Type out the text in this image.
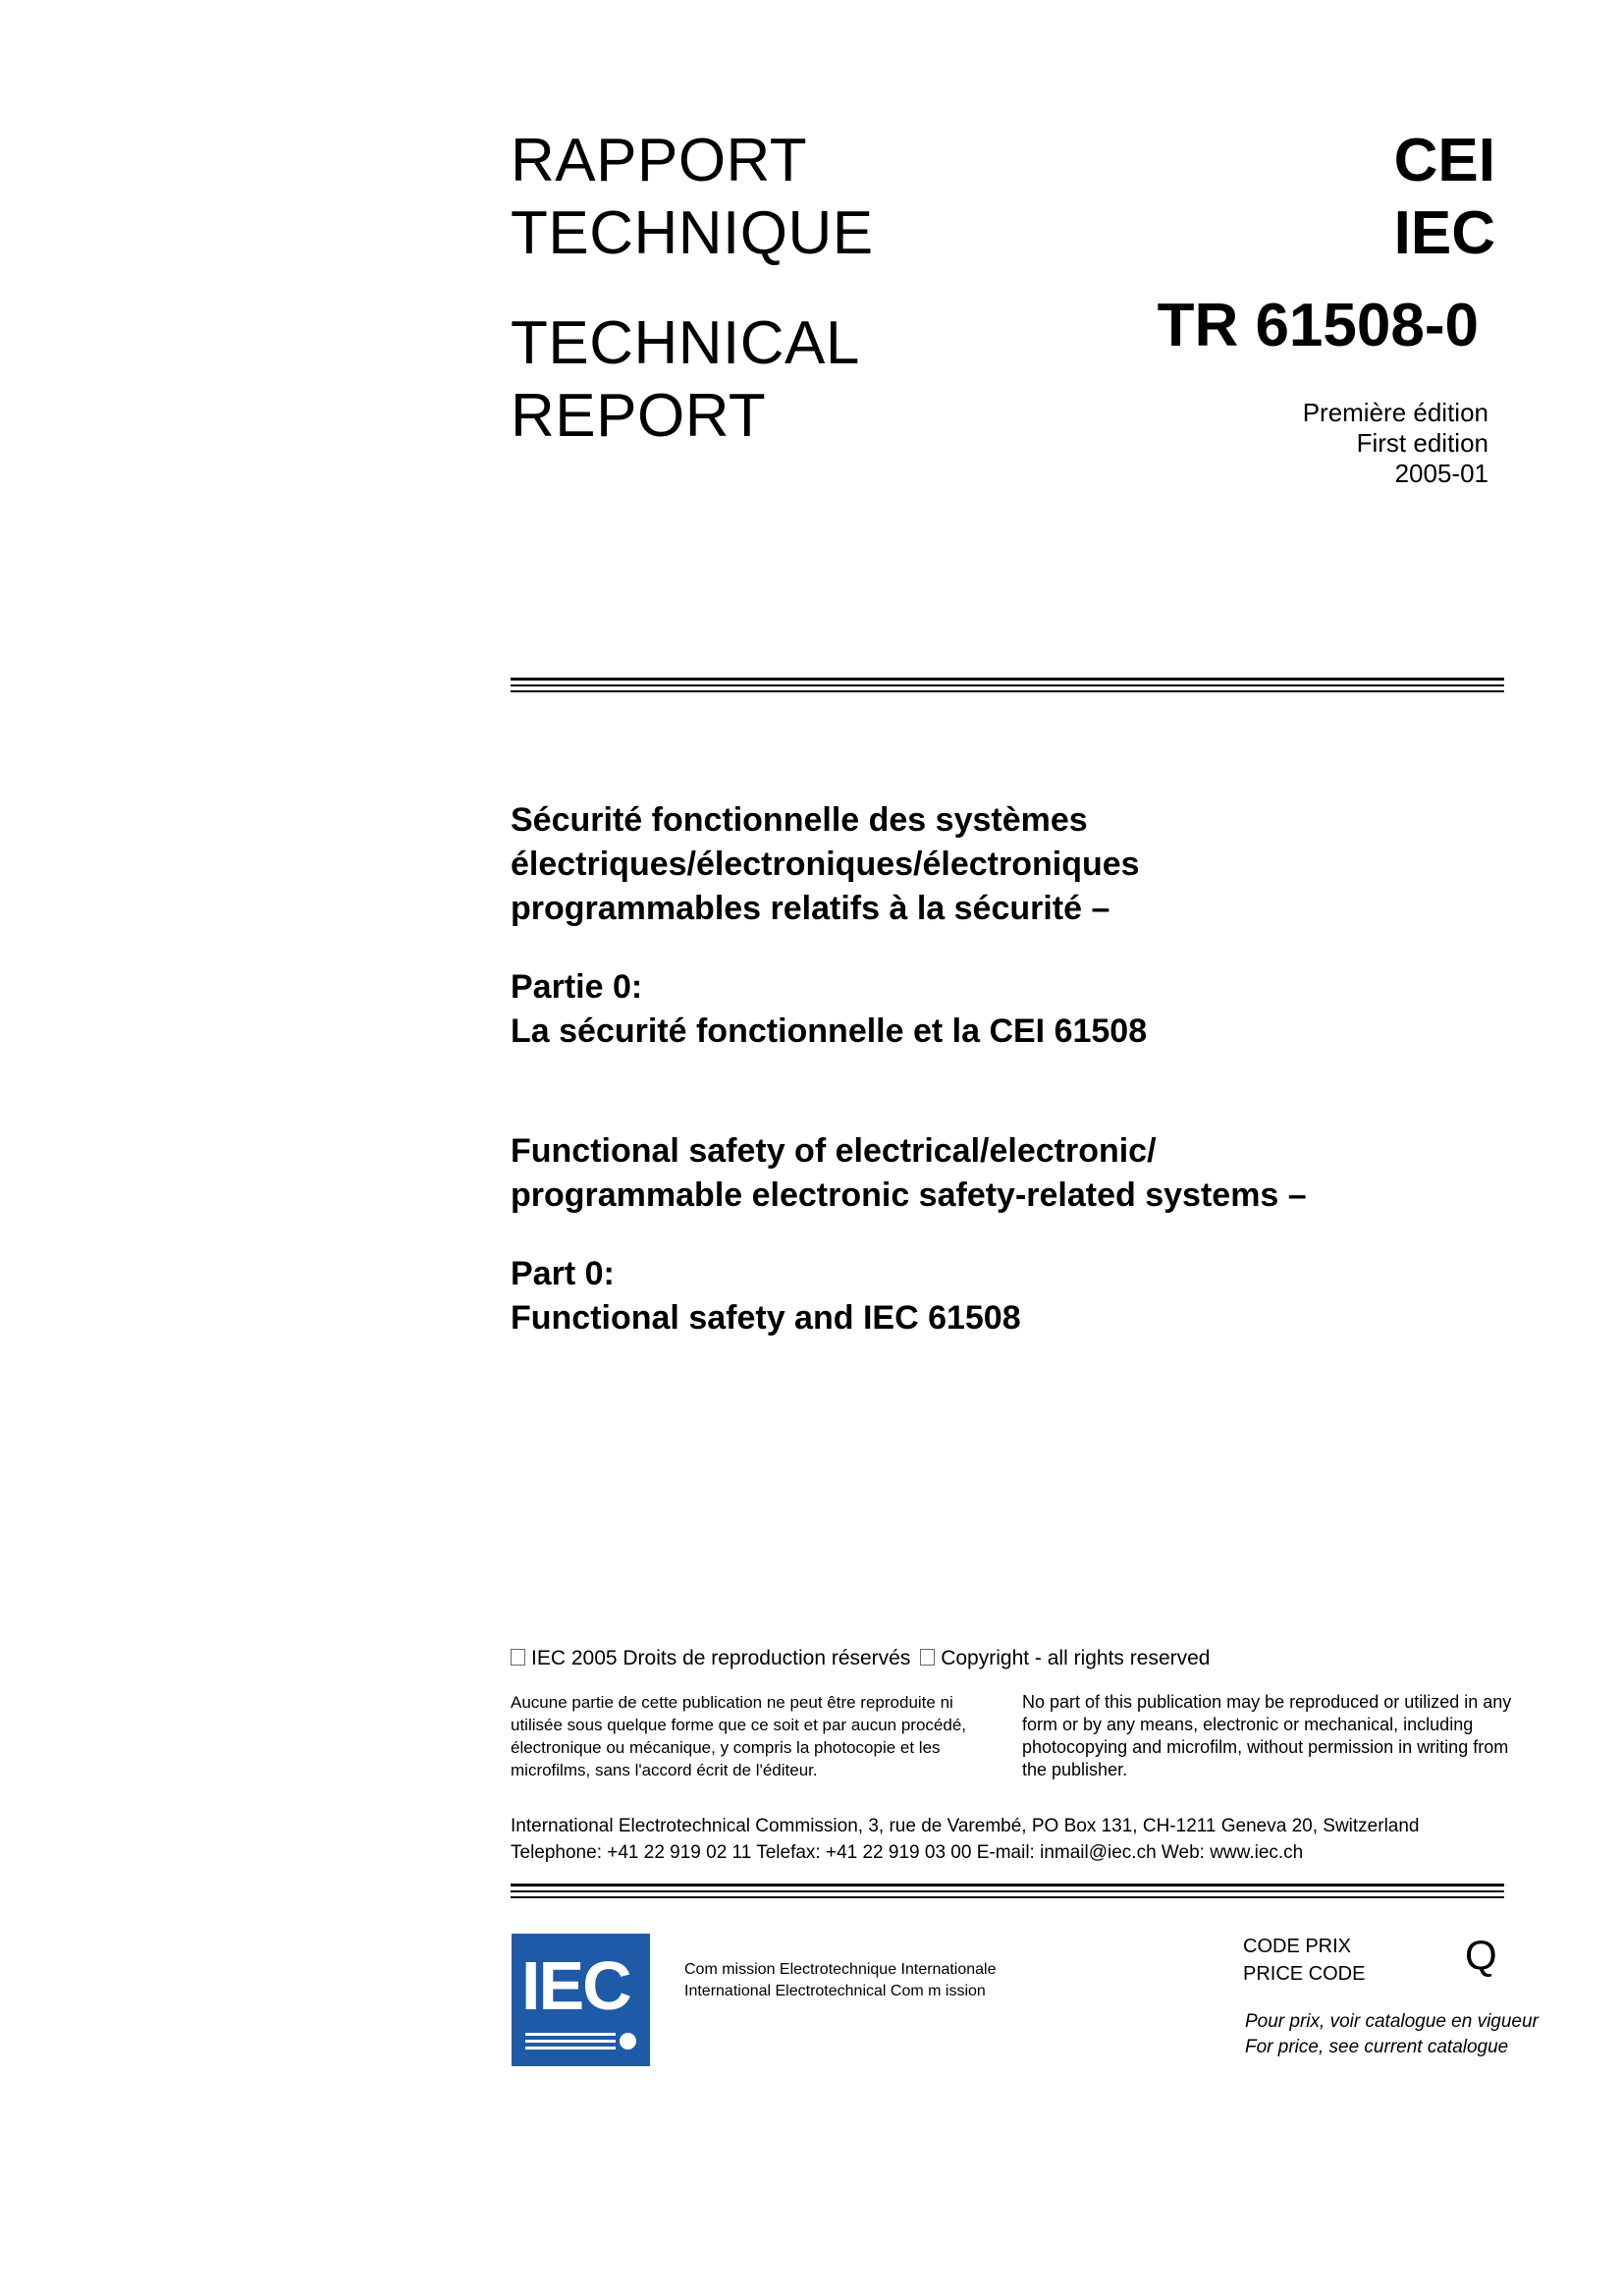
RAPPORT
TECHNIQUE
TECHNICAL
REPORT
CEI
IEC
TR 61508-0
Première édition
First edition
2005-01
Sécurité fonctionnelle des systèmes
électriques/électroniques/électroniques
programmables relatifs à la sécurité –
Partie 0:
La sécurité fonctionnelle et la CEI 61508
Functional safety of electrical/electronic/
programmable electronic safety-related systems –
Part 0:
Functional safety and IEC 61508
IEC 2005 Droits de reproduction réservés Copyright - all rights reserved
Aucune partie de cette publication ne peut être reproduite ni
utilisée sous quelque forme que ce soit et par aucun procédé,
électronique ou mécanique, y compris la photocopie et les
microfilms, sans l'accord écrit de l'éditeur.
No part of this publication may be reproduced or utilized in any
form or by any means, electronic or mechanical, including
photocopying and microfilm, without permission in writing from
the publisher.
International Electrotechnical Commission, 3, rue de Varembé, PO Box 131, CH-1211 Geneva 20, Switzerland
Telephone: +41 22 919 02 11 Telefax: +41 22 919 03 00 E-mail: inmail@iec.ch Web: www.iec.ch
IEC	Com mission Electrotechnique Internationale
International Electrotechnical Com m ission
CODE PRIX
PRICE CODE Q
Pour prix, voir catalogue en vigueur
For price, see current catalogue
